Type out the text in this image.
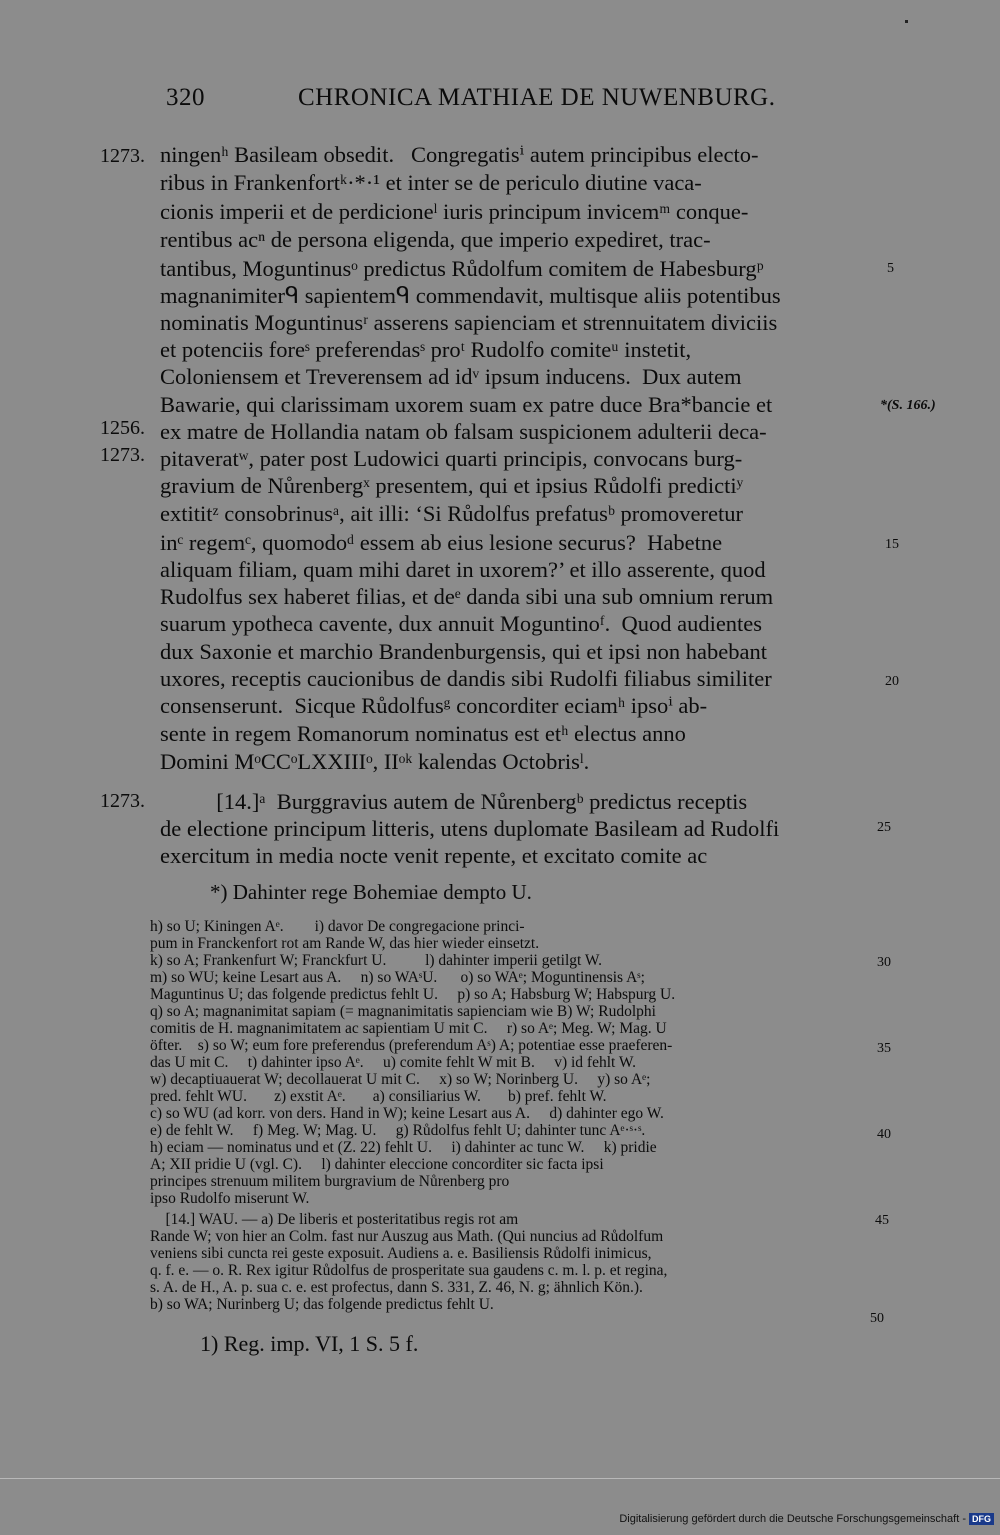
320	CHRONICA MATHIAE DE NUWENBURG.
1273.
1256.
1273.
1273.
*(S. 166.)
5
15
20
25
30
35
40
45
50
ningenʰ Basileam obsedit.   Congregatisⁱ autem principibus electo-
ribus in Frankenfortᵏ·*·¹ et inter se de periculo diutine vaca-
cionis imperii et de perdicioneˡ iuris principum invicemᵐ conque-
rentibus acⁿ de persona eligenda, que imperio expediret, trac-
tantibus, Moguntinusᵒ predictus Růdolfum comitem de Habesburgᵖ
magnanimiterᑫ sapientemᑫ commendavit, multisque aliis potentibus
nominatis Moguntinusʳ asserens sapienciam et strennuitatem diviciis
et potenciis foreˢ preferendasˢ proᵗ Rudolfo comiteᵘ instetit,
Coloniensem et Treverensem ad idᵛ ipsum inducens.  Dux autem
Bawarie, qui clarissimam uxorem suam ex patre duce Bra*bancie et
ex matre de Hollandia natam ob falsam suspicionem adulterii deca-
pitaveratʷ, pater post Ludowici quarti principis, convocans burg-
gravium de Nůrenbergˣ presentem, qui et ipsius Růdolfi predictiʸ
extititᶻ consobrinusᵃ, ait illi: ‘Si Růdolfus prefatusᵇ promoveretur
inᶜ regemᶜ, quomodoᵈ essem ab eius lesione securus?  Habetne
aliquam filiam, quam mihi daret in uxorem?’ et illo asserente, quod
Rudolfus sex haberet filias, et deᵉ danda sibi una sub omnium rerum
suarum ypotheca cavente, dux annuit Moguntinoᶠ.  Quod audientes
dux Saxonie et marchio Brandenburgensis, qui et ipsi non habebant
uxores, receptis caucionibus de dandis sibi Rudolfi filiabus similiter
consenserunt.  Sicque Růdolfusᵍ concorditer eciamʰ ipsoⁱ ab-
sente in regem Romanorum nominatus est etʰ electus anno
Domini MᵒCCᵒLXXIIIᵒ, IIᵒᵏ kalendas Octobrisˡ.
[14.]ᵃ  Burggravius autem de Nůrenbergᵇ predictus receptis
de electione principum litteris, utens duplomate Basileam ad Rudolfi
exercitum in media nocte venit repente, et excitato comite ac
*) Dahinter rege Bohemiae dempto U.
h) so U; Kiningen Aᵉ.        i) davor De congregacione princi-
pum in Franckenfort rot am Rande W, das hier wieder einsetzt.
k) so A; Frankenfurt W; Franckfurt U.          l) dahinter imperii getilgt W.
m) so WU; keine Lesart aus A.     n) so WAˢU.      o) so WAᵉ; Moguntinensis Aˢ;
Maguntinus U; das folgende predictus fehlt U.     p) so A; Habsburg W; Habspurg U.
q) so A; magnanimitat sapiam (= magnanimitatis sapienciam wie B) W; Rudolphi
comitis de H. magnanimitatem ac sapientiam U mit C.     r) so Aᵉ; Meg. W; Mag. U
öfter.    s) so W; eum fore preferendus (preferendum Aˢ) A; potentiae esse praeferen-
das U mit C.     t) dahinter ipso Aᵉ.     u) comite fehlt W mit B.     v) id fehlt W.
w) decaptiuauerat W; decollauerat U mit C.     x) so W; Norinberg U.     y) so Aᵉ;
pred. fehlt WU.       z) exstit Aᵉ.       a) consiliarius W.       b) pref. fehlt W.
c) so WU (ad korr. von ders. Hand in W); keine Lesart aus A.     d) dahinter ego W.
e) de fehlt W.     f) Meg. W; Mag. U.     g) Růdolfus fehlt U; dahinter tunc Aᵉ·ˢ·ˢ.
h) eciam — nominatus und et (Z. 22) fehlt U.     i) dahinter ac tunc W.     k) pridie
A; XII pridie U (vgl. C).     l) dahinter eleccione concorditer sic facta ipsi
principes strenuum militem burgravium de Nůrenberg pro
ipso Rudolfo miserunt W.
[14.] WAU. — a) De liberis et posteritatibus regis rot am
Rande W; von hier an Colm. fast nur Auszug aus Math. (Qui nuncius ad Růdolfum
veniens sibi cuncta rei geste exposuit. Audiens a. e. Basiliensis Růdolfi inimicus,
q. f. e. — o. R. Rex igitur Růdolfus de prosperitate sua gaudens c. m. l. p. et regina,
s. A. de H., A. p. sua c. e. est profectus, dann S. 331, Z. 46, N. g; ähnlich Kön.).
b) so WA; Nurinberg U; das folgende predictus fehlt U.
1) Reg. imp. VI, 1 S. 5 f.
Digitalisierung gefördert durch die Deutsche Forschungsgemeinschaft - DFG
